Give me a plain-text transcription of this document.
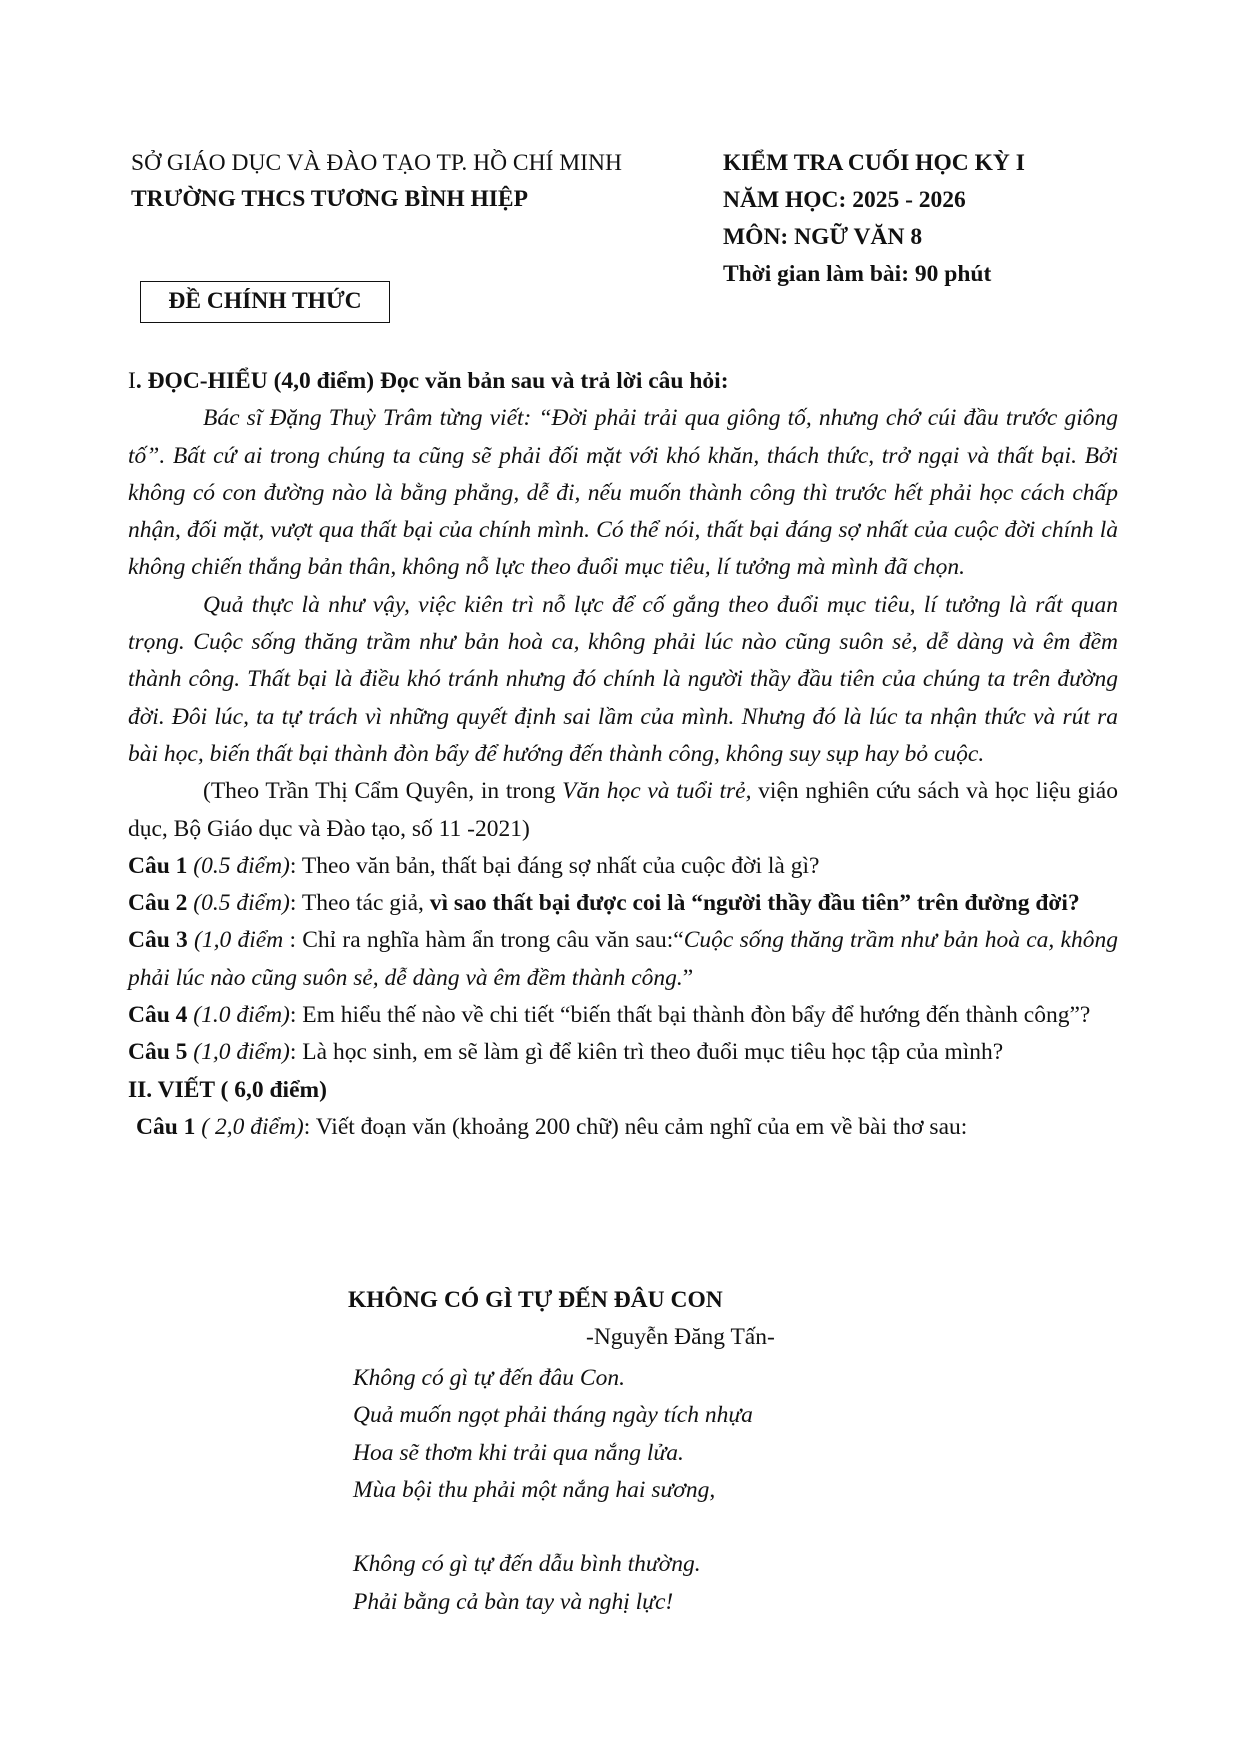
SỞ GIÁO DỤC VÀ ĐÀO TẠO TP. HỒ CHÍ MINH
TRƯỜNG THCS TƯƠNG BÌNH HIỆP
KIỂM TRA CUỐI HỌC KỲ I
NĂM HỌC: 2025 - 2026
MÔN: NGỮ VĂN 8
Thời gian làm bài: 90 phút
ĐỀ CHÍNH THỨC

I. ĐỌC-HIỂU (4,0 điểm) Đọc văn bản sau và trả lời câu hỏi:

Bác sĩ Đặng Thuỳ Trâm từng viết: “Đời phải trải qua giông tố, nhưng chớ cúi đầu trước giông tố”. Bất cứ ai trong chúng ta cũng sẽ phải đối mặt với khó khăn, thách thức, trở ngại và thất bại. Bởi không có con đường nào là bằng phẳng, dễ đi, nếu muốn thành công thì trước hết phải học cách chấp nhận, đối mặt, vượt qua thất bại của chính mình. Có thể nói, thất bại đáng sợ nhất của cuộc đời chính là không chiến thắng bản thân, không nỗ lực theo đuổi mục tiêu, lí tưởng mà mình đã chọn.

Quả thực là như vậy, việc kiên trì nỗ lực để cố gắng theo đuổi mục tiêu, lí tưởng là rất quan trọng. Cuộc sống thăng trầm như bản hoà ca, không phải lúc nào cũng suôn sẻ, dễ dàng và êm đềm thành công. Thất bại là điều khó tránh nhưng đó chính là người thầy đầu tiên của chúng ta trên đường đời. Đôi lúc, ta tự trách vì những quyết định sai lầm của mình. Nhưng đó là lúc ta nhận thức và rút ra bài học, biến thất bại thành đòn bẩy để hướng đến thành công, không suy sụp hay bỏ cuộc.

(Theo Trần Thị Cẩm Quyên, in trong Văn học và tuổi trẻ, viện nghiên cứu sách và học liệu giáo dục, Bộ Giáo dục và Đào tạo, số 11 -2021)

Câu 1 (0.5 điểm): Theo văn bản, thất bại đáng sợ nhất của cuộc đời là gì?

Câu 2 (0.5 điểm): Theo tác giả, vì sao thất bại được coi là “người thầy đầu tiên” trên đường đời?

Câu 3 (1,0 điểm : Chỉ ra nghĩa hàm ẩn trong câu văn sau:“Cuộc sống thăng trầm như bản hoà ca, không phải lúc nào cũng suôn sẻ, dễ dàng và êm đềm thành công.”

Câu 4 (1.0 điểm): Em hiểu thế nào về chi tiết “biến thất bại thành đòn bẩy để hướng đến thành công”?

Câu 5 (1,0 điểm): Là học sinh, em sẽ làm gì để kiên trì theo đuổi mục tiêu học tập của mình?

II. VIẾT ( 6,0 điểm)

Câu 1 ( 2,0 điểm): Viết đoạn văn (khoảng 200 chữ) nêu cảm nghĩ của em về bài thơ sau:

KHÔNG CÓ GÌ TỰ ĐẾN ĐÂU CON
-Nguyễn Đăng Tấn-
Không có gì tự đến đâu Con.
Quả muốn ngọt phải tháng ngày tích nhựa
Hoa sẽ thơm khi trải qua nắng lửa.
Mùa bội thu phải một nắng hai sương,
Không có gì tự đến dẫu bình thường.
Phải bằng cả bàn tay và nghị lực!
